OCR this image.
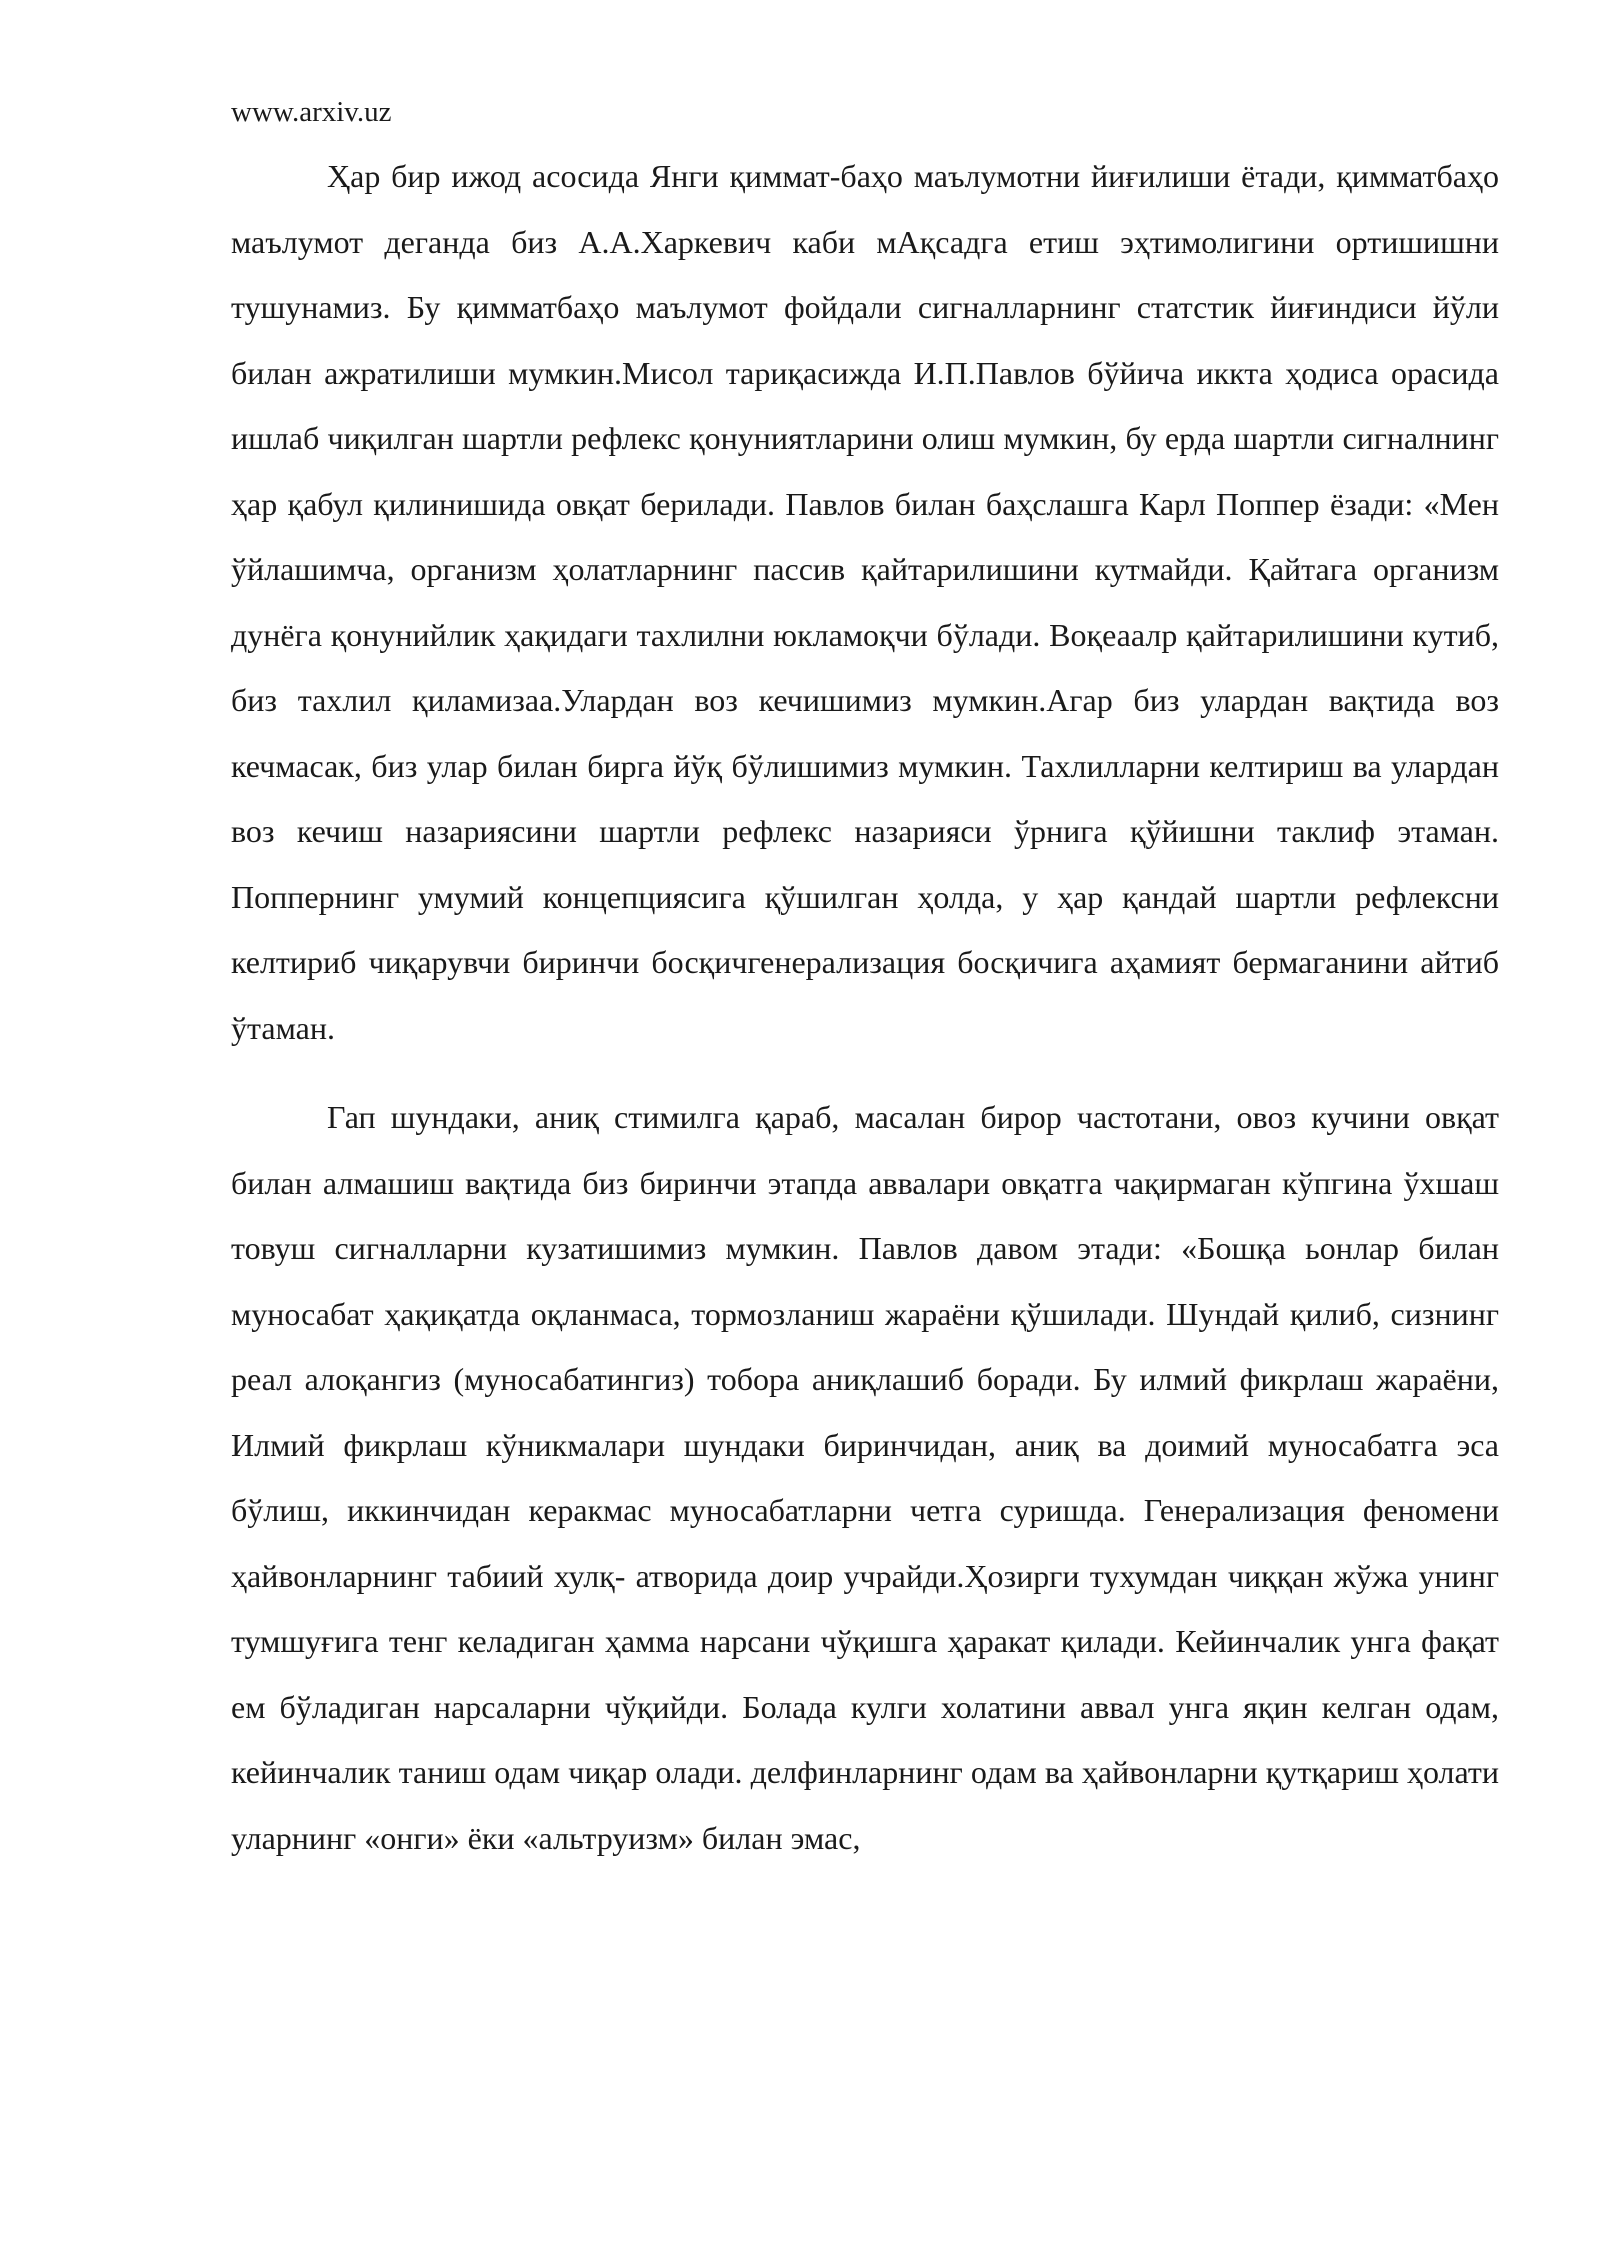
www.arxiv.uz

Ҳар бир ижод асосида Янги қиммат-баҳо маълумотни йиғилиши ётади, қимматбаҳо маълумот деганда биз А.А.Харкевич каби мАқсадга етиш эҳтимолигини ортишишни тушунамиз. Бу қимматбаҳо маълумот фойдали сигналларнинг статстик йиғиндиси йўли билан ажратилиши мумкин.Мисол тариқасижда И.П.Павлов бўйича иккта ҳодиса орасида ишлаб чиқилган шартли рефлекс қонуниятларини олиш мумкин, бу ерда шартли сигналнинг ҳар қабул қилинишида овқат берилади. Павлов билан баҳслашга Карл Поппер ёзади: «Мен ўйлашимча, организм ҳолатларнинг пассив қайтарилишини кутмайди. Қайтага организм дунёга қонунийлик ҳақидаги тахлилни юкламоқчи бўлади. Воқеаалр қайтарилишини кутиб, биз тахлил қиламизаа.Улардан воз кечишимиз мумкин.Агар биз улардан вақтида воз кечмасак, биз улар билан бирга йўқ бўлишимиз мумкин. Тахлилларни келтириш ва улардан воз кечиш назариясини шартли рефлекс назарияси ўрнига қўйишни таклиф этаман. Поппернинг умумий концепциясига қўшилган ҳолда, у ҳар қандай шартли рефлексни келтириб чиқарувчи биринчи босқичгенерализация босқичига аҳамият бермаганини айтиб ўтаман.

Гап шундаки, аниқ стимилга қараб, масалан бирор частотани, овоз кучини овқат билан алмашиш вақтида биз биринчи этапда аввалари овқатга чақирмаган кўпгина ўхшаш товуш сигналларни кузатишимиз мумкин. Павлов давом этади: «Бошқа ьонлар билан муносабат ҳақиқатда оқланмаса, тормозланиш жараёни қўшилади. Шундай қилиб, сизнинг реал алоқангиз (муносабатингиз) тобора аниқлашиб боради. Бу илмий фикрлаш жараёни, Илмий фикрлаш кўникмалари шундаки биринчидан, аниқ ва доимий муносабатга эса бўлиш, иккинчидан керакмас муносабатларни четга суришда. Генерализация феномени ҳайвонларнинг табиий хулқ- атворида доир учрайди.Ҳозирги тухумдан чиққан жўжа унинг тумшуғига тенг келадиган ҳамма нарсани чўқишга ҳаракат қилади. Кейинчалик унга фақат ем бўладиган нарсаларни чўқийди. Болада кулги холатини аввал унга яқин келган одам, кейинчалик таниш одам чиқар олади. делфинларнинг одам ва ҳайвонларни қутқариш ҳолати уларнинг «онги» ёки «альтруизм» билан эмас,
